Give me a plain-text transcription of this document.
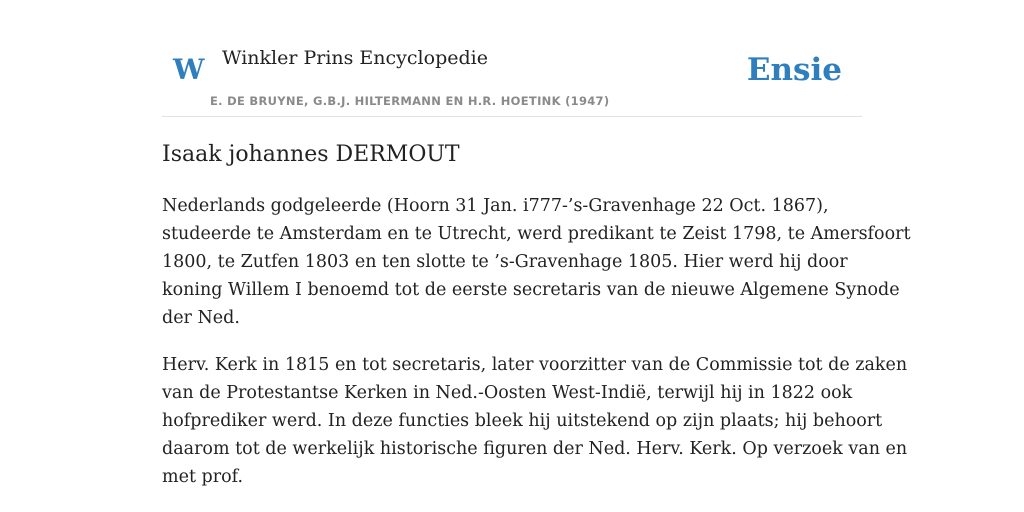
W Winkler Prins Encyclopedie
E. DE BRUYNE, G.B.J. HILTERMANN EN H.R. HOETINK (1947)
Ensie
Isaak johannes DERMOUT

Nederlands godgeleerde (Hoorn 31 Jan. i777-’s-Gravenhage 22 Oct. 1867),
studeerde te Amsterdam en te Utrecht, werd predikant te Zeist 1798, te Amersfoort
1800, te Zutfen 1803 en ten slotte te ’s-Gravenhage 1805. Hier werd hij door
koning Willem I benoemd tot de eerste secretaris van de nieuwe Algemene Synode
der Ned.

Herv. Kerk in 1815 en tot secretaris, later voorzitter van de Commissie tot de zaken
van de Protestantse Kerken in Ned.-Oosten West-Indië, terwijl hij in 1822 ook
hofprediker werd. In deze functies bleek hij uitstekend op zijn plaats; hij behoort
daarom tot de werkelijk historische figuren der Ned. Herv. Kerk. Op verzoek van en
met prof.
